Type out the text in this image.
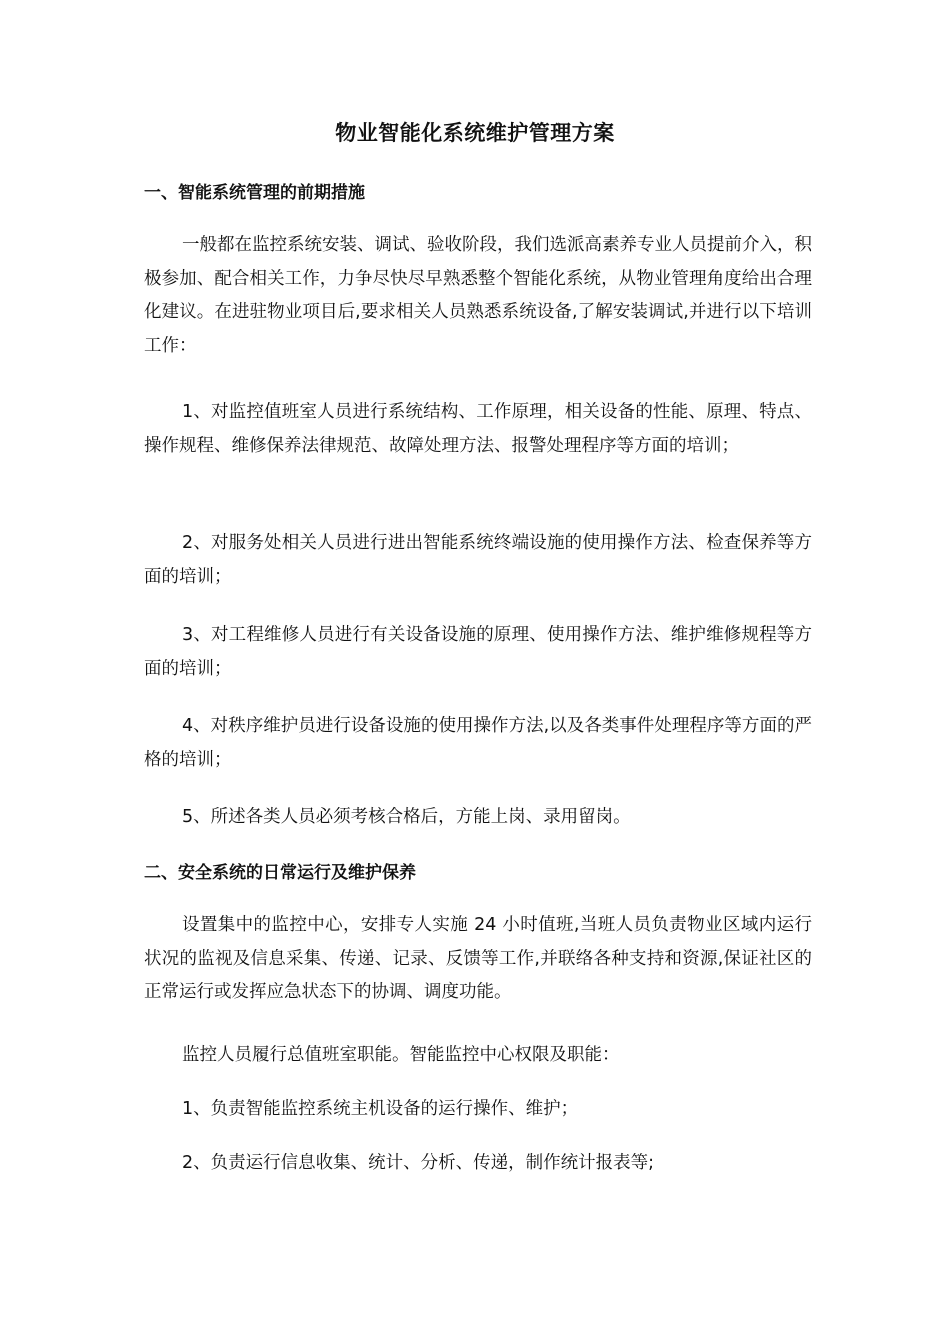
物业智能化系统维护管理方案
一、智能系统管理的前期措施

一般都在监控系统安装、调试、验收阶段，我们选派高素养专业人员提前介入，积极参加、配合相关工作，力争尽快尽早熟悉整个智能化系统，从物业管理角度给出合理化建议。在进驻物业项目后,要求相关人员熟悉系统设备,了解安装调试,并进行以下培训工作：

1、对监控值班室人员进行系统结构、工作原理，相关设备的性能、原理、特点、操作规程、维修保养法律规范、故障处理方法、报警处理程序等方面的培训；

2、对服务处相关人员进行进出智能系统终端设施的使用操作方法、检查保养等方面的培训；

3、对工程维修人员进行有关设备设施的原理、使用操作方法、维护维修规程等方面的培训；

4、对秩序维护员进行设备设施的使用操作方法,以及各类事件处理程序等方面的严格的培训；

5、所述各类人员必须考核合格后，方能上岗、录用留岗。

二、安全系统的日常运行及维护保养

设置集中的监控中心，安排专人实施 24 小时值班,当班人员负责物业区域内运行状况的监视及信息采集、传递、记录、反馈等工作,并联络各种支持和资源,保证社区的正常运行或发挥应急状态下的协调、调度功能。

监控人员履行总值班室职能。智能监控中心权限及职能：

1、负责智能监控系统主机设备的运行操作、维护；

2、负责运行信息收集、统计、分析、传递，制作统计报表等;
